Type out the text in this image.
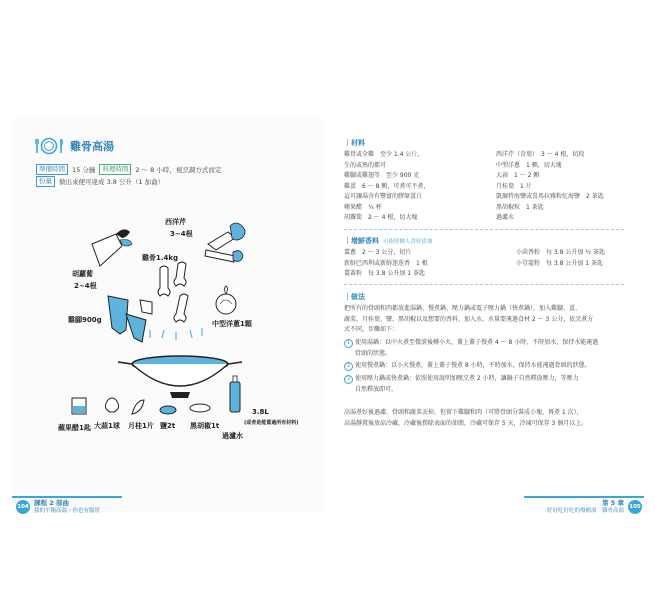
雞骨高湯
準備時間	15 分鐘	料理時間	2 ～ 8 小時，視烹調方式而定
份量	做出來便可達成 3.8 公升（1 加侖）
西洋芹
3~4根
胡蘿蔔
2~4根
雞骨1.4kg
雞腳900g	中型洋蔥1顆
蘋果醋1匙 大蒜1球 月桂1片 鹽2t 黑胡椒1t
過濾水
3.8L
(或者是能蓋過所有材料)
課程 2 部曲
我的平衡高湯・你也有腸胃
104
｜材料
雞骨或全雞　至少 1.4 公斤，
生的或熟的都可
雞腳或雞翅等　至少 900 克
雞蛋　6 ～ 8 顆，可煮可不煮，
這可讓湯含有豐富的膠原蛋白
蘋果醋　¼ 杯
胡蘿蔔　2 ～ 4 根，切大塊
西洋芹（含葉）　3 ～ 4 根，切段
中型洋蔥　1 顆，切大塊
大蒜　1 ～ 2 顆
月桂葉　1 片
凱爾特海鹽或喜馬拉雅粉紅海鹽　2 茶匙
黑胡椒粒　1 茶匙
過濾水
｜增鮮香料 可依照個人喜好添加
薑蔥　2 ～ 3 公分，切片
新鮮巴西利或新鮮迷迭香　1 根
薑黃粉　每 3.8 公升加 1 茶匙
小茴香粉　每 3.8 公升加 ½ 茶匙
小荳蔻粉　每 3.8 公升加 1 茶匙
｜做法
把所有的骨頭和肉都放進湯鍋、慢煮鍋、壓力鍋或電子壓力鍋（快煮鍋），加入雞腳、蛋、
蔬菜、月桂葉、鹽、黑胡椒以及想要的香料，加入水，水量要淹過食材 2 ～ 3 公分，依烹煮方
式不同，步驟如下：
1 使用湯鍋：以中火煮至微滾後轉小火，蓋上蓋子慢煮 4 ～ 8 小時，不時加水，保持水能淹過
骨頭的狀態。
2 使用慢煮鍋：以小火慢煮，蓋上蓋子慢煮 8 小時，不時加水，保持水能淹過骨頭的狀態。
3 使用壓力鍋或快煮鍋：依照使用說明加壓烹煮 2 小時，讓鍋子自然釋放壓力，等壓力
自然釋放即可。
高湯煮好後過濾，骨頭和蔬菜丟掉，但留下雞腳和肉（可將骨頭分裝成小塊，再煮 1 次），
高湯靜置後放涼冷藏，冷藏後撈除表面的油脂，冷藏可保存 5 天，冷凍可保存 3 個月以上。
第 5 章
好好吃好吃的療癒湯　雞骨高湯
105
